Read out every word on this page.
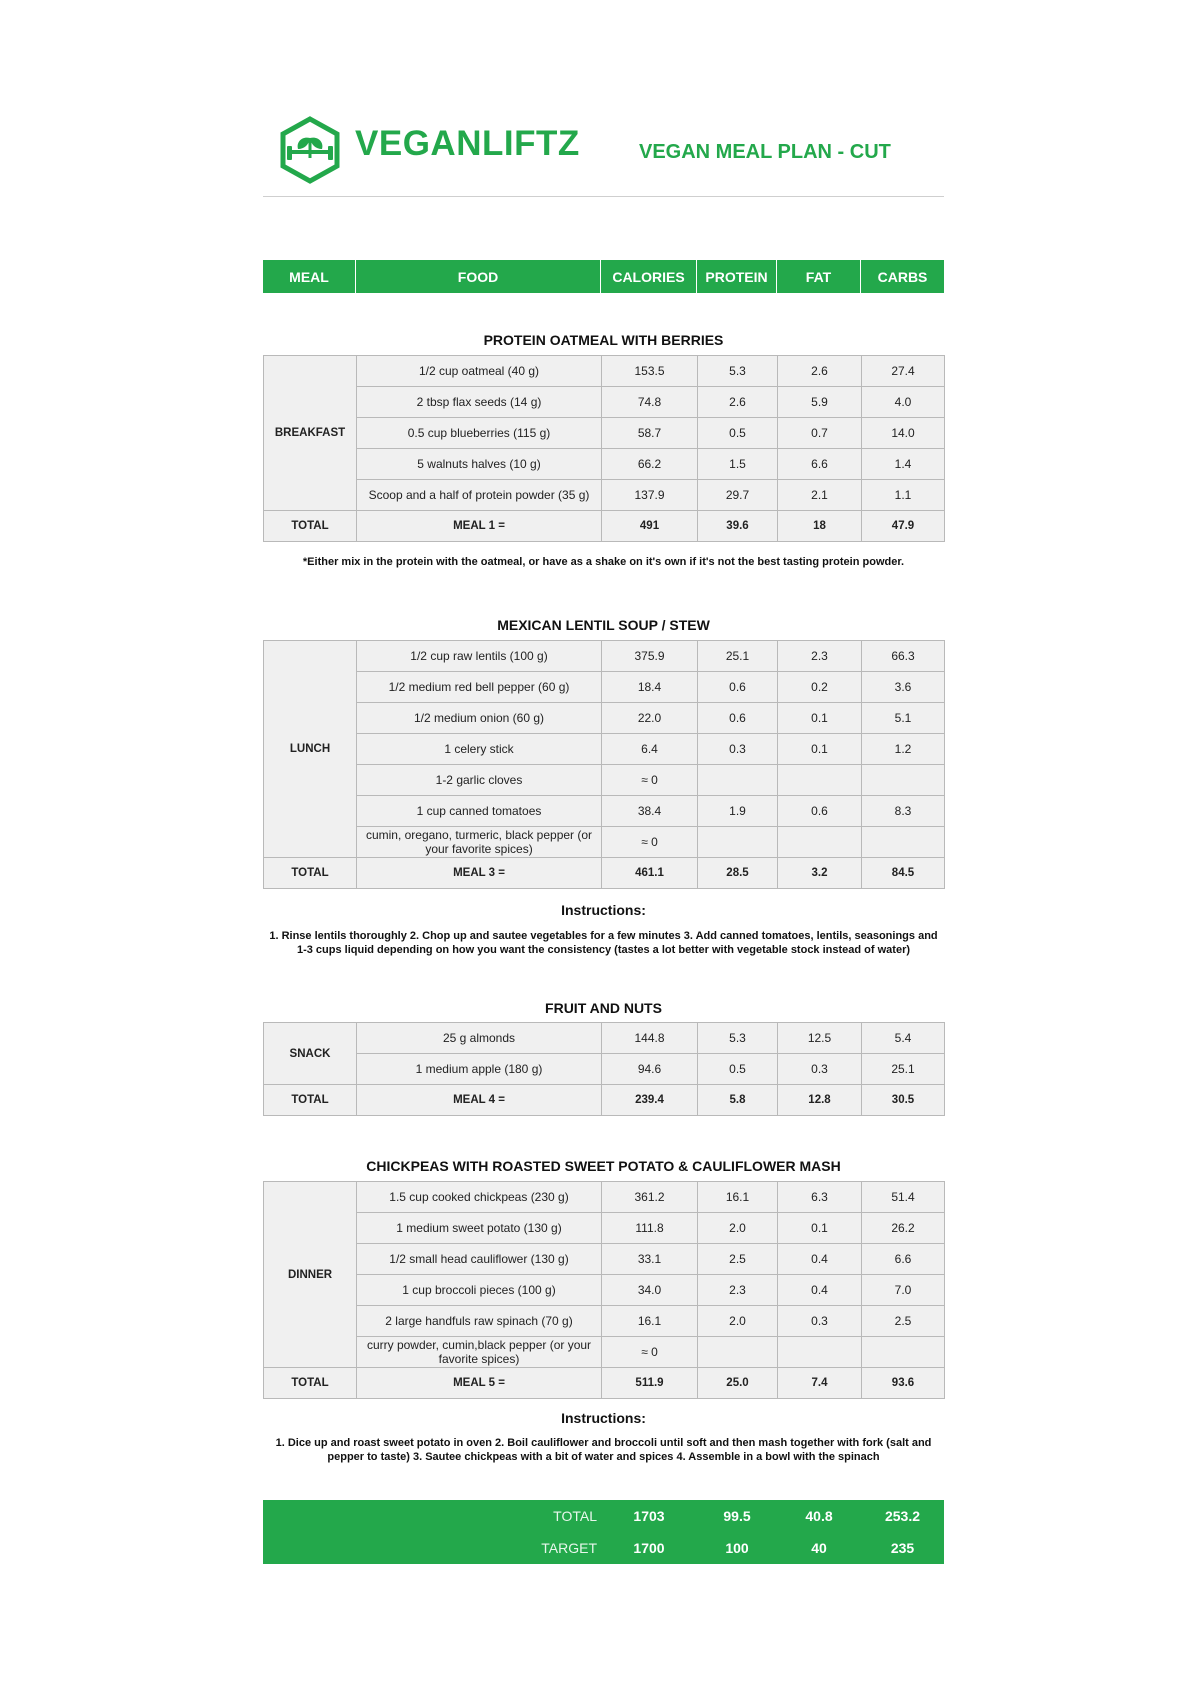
VEGANLIFTZ	VEGAN MEAL PLAN - CUT
MEAL	FOOD	CALORIES	PROTEIN	FAT	CARBS
PROTEIN OATMEAL WITH BERRIES
BREAKFAST	1/2 cup oatmeal (40 g)	153.5	5.3	2.6	27.4
	2 tbsp flax seeds (14 g)	74.8	2.6	5.9	4.0
	0.5 cup blueberries (115 g)	58.7	0.5	0.7	14.0
	5 walnuts halves (10 g)	66.2	1.5	6.6	1.4
	Scoop and a half of protein powder (35 g)	137.9	29.7	2.1	1.1
TOTAL	MEAL 1 =	491	39.6	18	47.9
*Either mix in the protein with the oatmeal, or have as a shake on it's own if it's not the best tasting protein powder.
MEXICAN LENTIL SOUP / STEW
LUNCH	1/2 cup raw lentils (100 g)	375.9	25.1	2.3	66.3
	1/2 medium red bell pepper (60 g)	18.4	0.6	0.2	3.6
	1/2 medium onion (60 g)	22.0	0.6	0.1	5.1
	1 celery stick	6.4	0.3	0.1	1.2
	1-2 garlic cloves	≈ 0			
	1 cup canned tomatoes	38.4	1.9	0.6	8.3
	cumin, oregano, turmeric, black pepper (or your favorite spices)	≈ 0			
TOTAL	MEAL 3 =	461.1	28.5	3.2	84.5
Instructions:
1. Rinse lentils thoroughly 2. Chop up and sautee vegetables for a few minutes 3. Add canned tomatoes, lentils, seasonings and 1-3 cups liquid depending on how you want the consistency (tastes a lot better with vegetable stock instead of water)
FRUIT AND NUTS
SNACK	25 g almonds	144.8	5.3	12.5	5.4
	1 medium apple (180 g)	94.6	0.5	0.3	25.1
TOTAL	MEAL 4 =	239.4	5.8	12.8	30.5
CHICKPEAS WITH ROASTED SWEET POTATO & CAULIFLOWER MASH
DINNER	1.5 cup cooked chickpeas (230 g)	361.2	16.1	6.3	51.4
	1 medium sweet potato (130 g)	111.8	2.0	0.1	26.2
	1/2 small head cauliflower (130 g)	33.1	2.5	0.4	6.6
	1 cup broccoli pieces (100 g)	34.0	2.3	0.4	7.0
	2 large handfuls raw spinach (70 g)	16.1	2.0	0.3	2.5
	curry powder, cumin,black pepper (or your favorite spices)	≈ 0			
TOTAL	MEAL 5 =	511.9	25.0	7.4	93.6
Instructions:
1. Dice up and roast sweet potato in oven 2. Boil cauliflower and broccoli until soft and then mash together with fork (salt and pepper to taste) 3. Sautee chickpeas with a bit of water and spices 4. Assemble in a bowl with the spinach
TOTAL	1703	99.5	40.8	253.2
TARGET	1700	100	40	235
